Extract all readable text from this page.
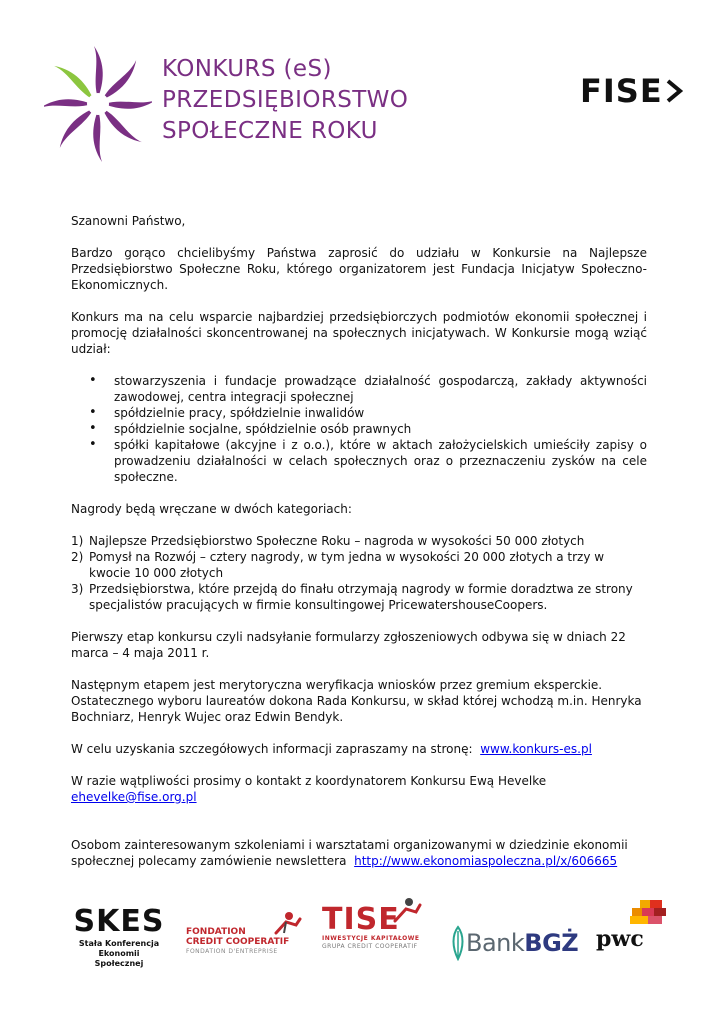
KONKURS (eS)
PRZEDSIĘBIORSTWO
SPOŁECZNE ROKU
FISE

Szanowni Państwo,

Bardzo gorąco chcielibyśmy Państwa zaprosić do udziału w Konkursie na Najlepsze Przedsiębiorstwo Społeczne Roku, którego organizatorem jest Fundacja Inicjatyw Społeczno-Ekonomicznych.

Konkurs ma na celu wsparcie najbardziej przedsiębiorczych podmiotów ekonomii społecznej i promocję działalności skoncentrowanej na społecznych inicjatywach. W Konkursie mogą wziąć udział:

• stowarzyszenia i fundacje prowadzące działalność gospodarczą, zakłady aktywności zawodowej, centra integracji społecznej
• spółdzielnie pracy, spółdzielnie inwalidów
• spółdzielnie socjalne, spółdzielnie osób prawnych
• spółki kapitałowe (akcyjne i z o.o.), które w aktach założycielskich umieściły zapisy o prowadzeniu działalności w celach społecznych oraz o przeznaczeniu zysków na cele społeczne.

Nagrody będą wręczane w dwóch kategoriach:

1) Najlepsze Przedsiębiorstwo Społeczne Roku – nagroda w wysokości 50 000 złotych
2) Pomysł na Rozwój – cztery nagrody, w tym jedna w wysokości 20 000 złotych a trzy w kwocie 10 000 złotych
3) Przedsiębiorstwa, które przejdą do finału otrzymają nagrody w formie doradztwa ze strony specjalistów pracujących w firmie konsultingowej PricewatershouseCoopers.

Pierwszy etap konkursu czyli nadsyłanie formularzy zgłoszeniowych odbywa się w dniach 22 marca – 4 maja 2011 r.

Następnym etapem jest merytoryczna weryfikacja wniosków przez gremium eksperckie. Ostatecznego wyboru laureatów dokona Rada Konkursu, w skład której wchodzą m.in. Henryka Bochniarz, Henryk Wujec oraz Edwin Bendyk.

W celu uzyskania szczegółowych informacji zapraszamy na stronę: www.konkurs-es.pl

W razie wątpliwości prosimy o kontakt z koordynatorem Konkursu Ewą Hevelke ehevelke@fise.org.pl

Osobom zainteresowanym szkoleniami i warsztatami organizowanymi w dziedzinie ekonomii społecznej polecamy zamówienie newslettera http://www.ekonomiaspoleczna.pl/x/606665

SKES
Stała Konferencja
Ekonomii Społecznej
FONDATION
CREDIT COOPERATIF
FONDATION D'ENTREPRISE
TISE
INWESTYCJE KAPITAŁOWE
GRUPA CREDIT COOPERATIF	BankBGŻ pwc
